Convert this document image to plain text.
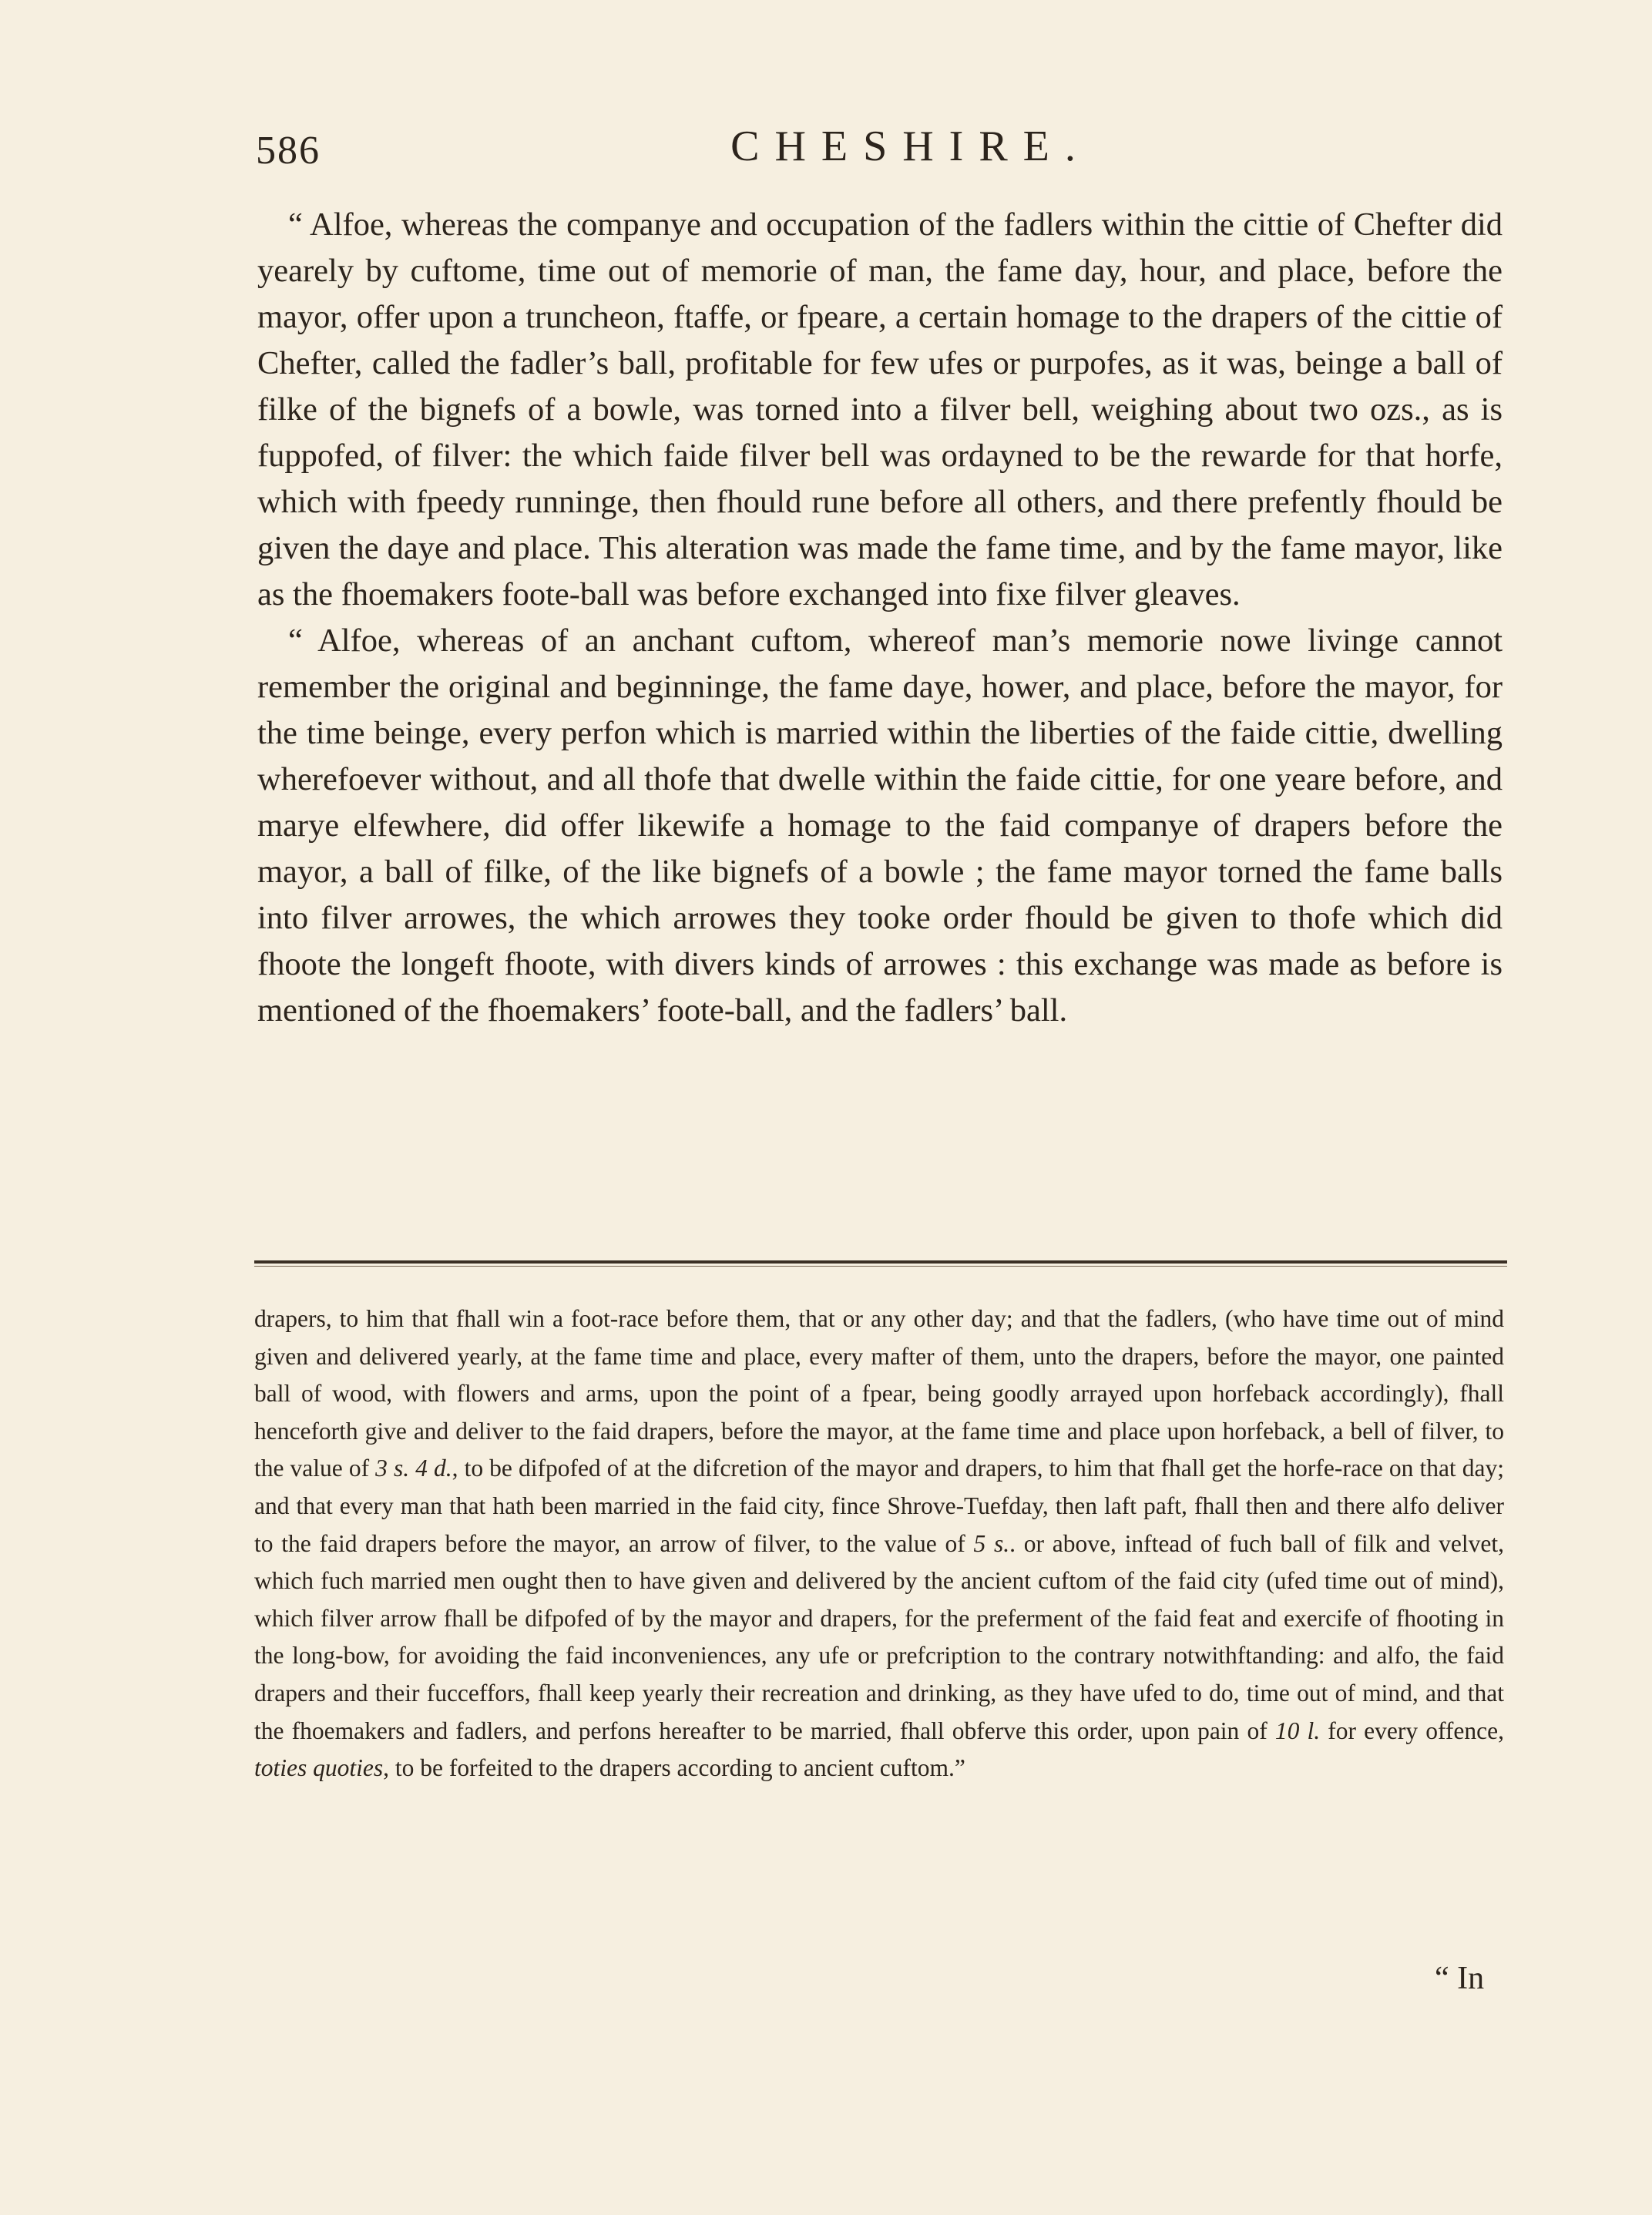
586	CHESHIRE.

“ Alfoe, whereas the companye and occupation of the fadlers within the cittie of Chefter did yearely by cuftome, time out of memorie of man, the fame day, hour, and place, before the mayor, offer upon a truncheon, ftaffe, or fpeare, a certain homage to the drapers of the cittie of Chefter, called the fadler’s ball, profitable for few ufes or purpofes, as it was, beinge a ball of filke of the bignefs of a bowle, was torned into a filver bell, weighing about two ozs., as is fuppofed, of filver: the which faide filver bell was ordayned to be the rewarde for that horfe, which with fpeedy runninge, then fhould rune before all others, and there prefently fhould be given the daye and place. This alteration was made the fame time, and by the fame mayor, like as the fhoemakers foote-ball was before exchanged into fixe filver gleaves.

“ Alfoe, whereas of an anchant cuftom, whereof man’s memorie nowe livinge cannot remember the original and beginninge, the fame daye, hower, and place, before the mayor, for the time beinge, every perfon which is married within the liberties of the faide cittie, dwelling wherefoever without, and all thofe that dwelle within the faide cittie, for one yeare before, and marye elfewhere, did offer likewife a homage to the faid companye of drapers before the mayor, a ball of filke, of the like bignefs of a bowle ; the fame mayor torned the fame balls into filver arrowes, the which arrowes they tooke order fhould be given to thofe which did fhoote the longeft fhoote, with divers kinds of arrowes : this exchange was made as before is mentioned of the fhoemakers’ foote-ball, and the fadlers’ ball.

drapers, to him that fhall win a foot-race before them, that or any other day; and that the fadlers, (who have time out of mind given and delivered yearly, at the fame time and place, every mafter of them, unto the drapers, before the mayor, one painted ball of wood, with flowers and arms, upon the point of a fpear, being goodly arrayed upon horfeback accordingly), fhall henceforth give and deliver to the faid drapers, before the mayor, at the fame time and place upon horfeback, a bell of filver, to the value of 3 s. 4 d., to be difpofed of at the difcretion of the mayor and drapers, to him that fhall get the horfe-race on that day; and that every man that hath been married in the faid city, fince Shrove-Tuefday, then laft paft, fhall then and there alfo deliver to the faid drapers before the mayor, an arrow of filver, to the value of 5 s.. or above, inftead of fuch ball of filk and velvet, which fuch married men ought then to have given and delivered by the ancient cuftom of the faid city (ufed time out of mind), which filver arrow fhall be difpofed of by the mayor and drapers, for the preferment of the faid feat and exercife of fhooting in the long-bow, for avoiding the faid inconveniences, any ufe or prefcription to the contrary notwithftanding: and alfo, the faid drapers and their fucceffors, fhall keep yearly their recreation and drinking, as they have ufed to do, time out of mind, and that the fhoemakers and fadlers, and perfons hereafter to be married, fhall obferve this order, upon pain of 10 l. for every offence, toties quoties, to be forfeited to the drapers according to ancient cuftom.”

“ In
